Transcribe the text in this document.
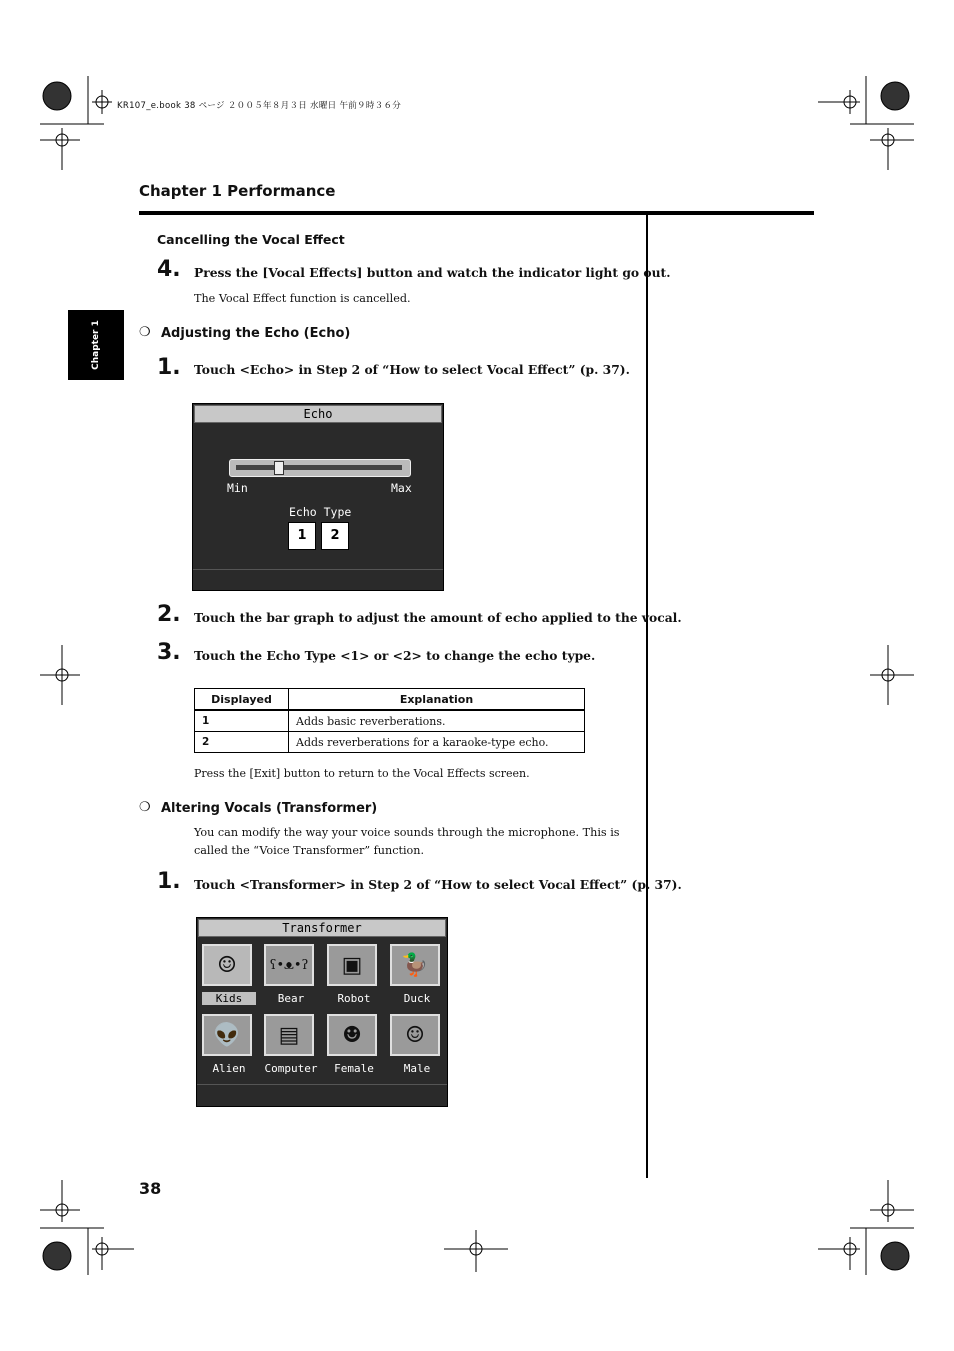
KR107_e.book 38 ページ ２００５年８月３日 水曜日 午前９時３６分
Chapter 1 Performance
Chapter 1
Cancelling the Vocal Effect
4. Press the [Vocal Effects] button and watch the indicator light go out.
The Vocal Effect function is cancelled.
❍ Adjusting the Echo (Echo)
1. Touch <Echo> in Step 2 of “How to select Vocal Effect” (p. 37).
Echo
Min	Max
Echo Type
1	2
2. Touch the bar graph to adjust the amount of echo applied to the vocal.
3. Touch the Echo Type <1> or <2> to change the echo type.
Displayed	Explanation
1	Adds basic reverberations.
2	Adds reverberations for a karaoke-type echo.
Press the [Exit] button to return to the Vocal Effects screen.
❍ Altering Vocals (Transformer)
You can modify the way your voice sounds through the microphone. This is called the “Voice Transformer” function.
1. Touch <Transformer> in Step 2 of “How to select Vocal Effect” (p. 37).
Transformer
☺
Kids
ʕ•ᴥ•ʔ
Bear
▣
Robot
🦆
Duck
👽
Alien
▤
Computer
☻
Female
☺
Male
38
